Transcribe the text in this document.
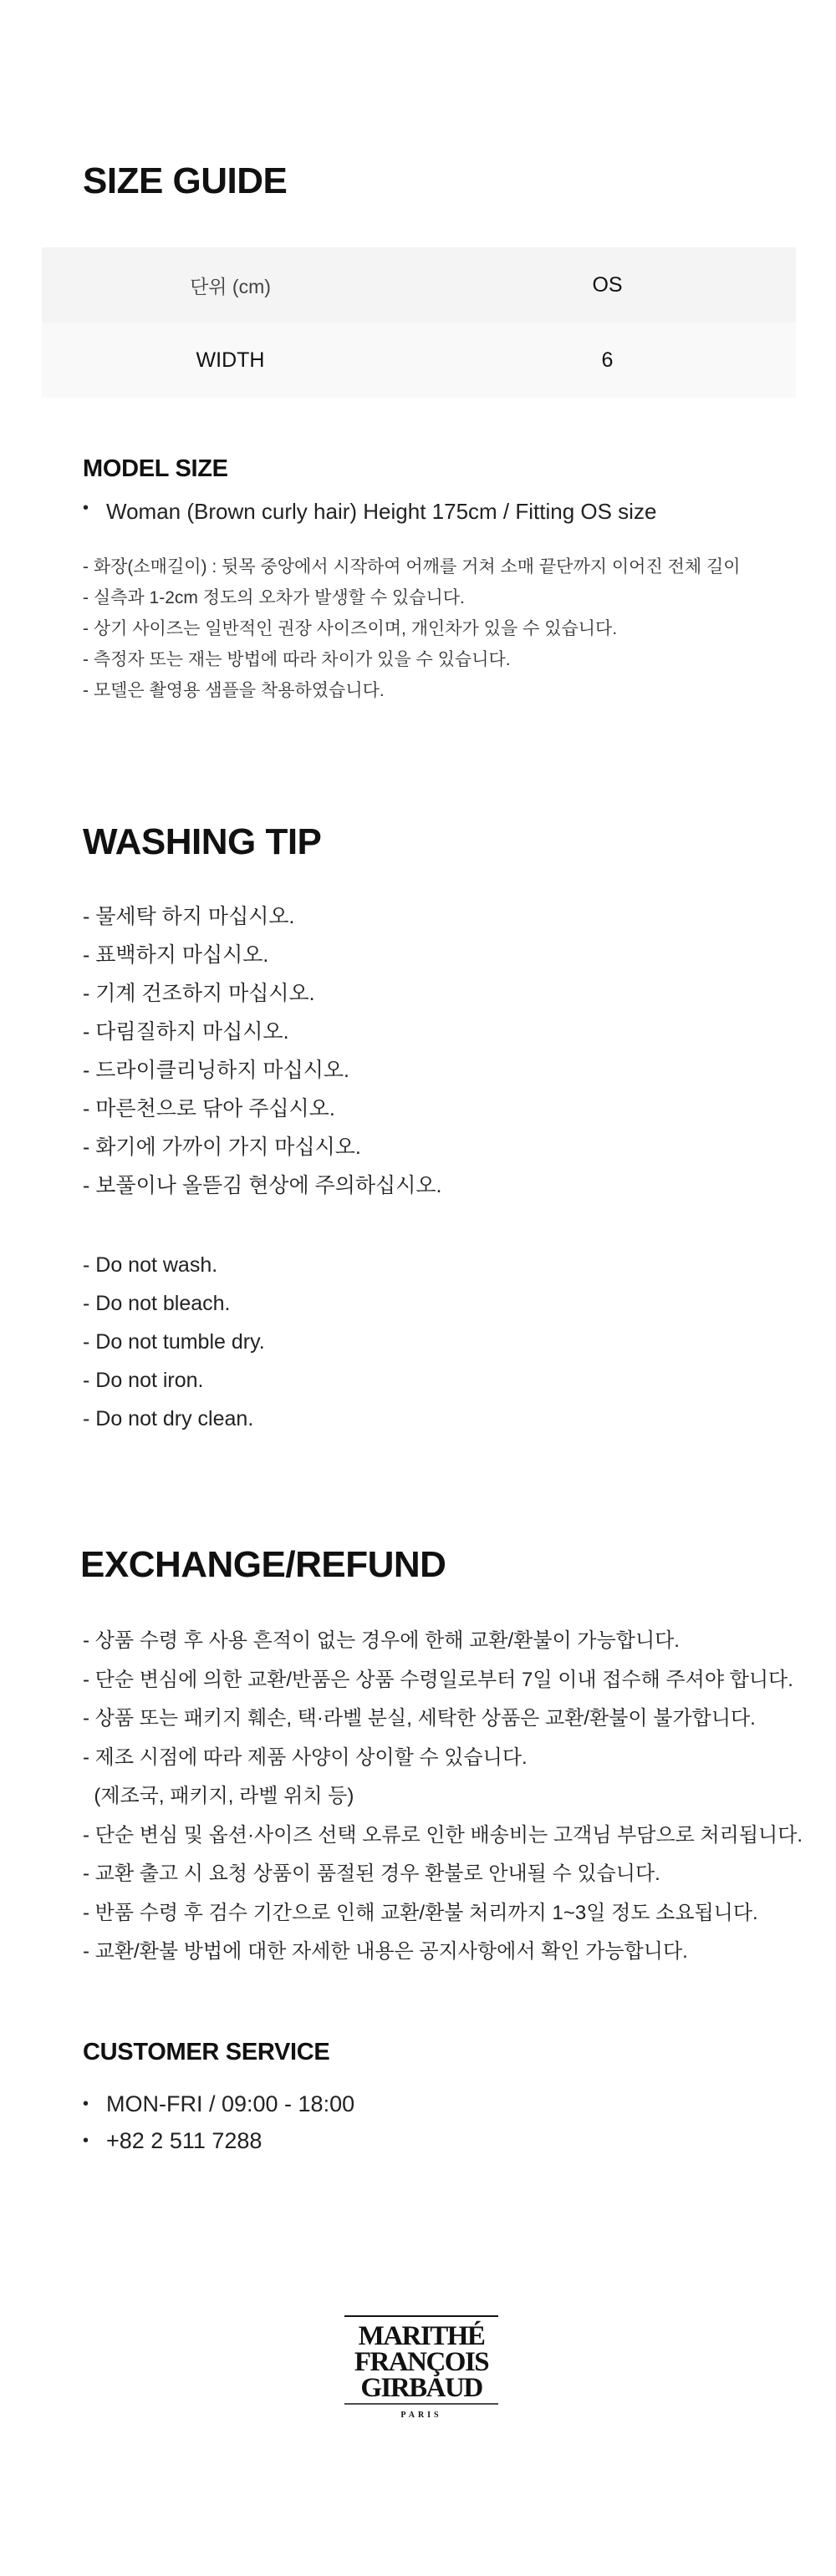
SIZE GUIDE
단위 (cm)	OS
WIDTH	6
MODEL SIZE
• Woman (Brown curly hair) Height 175cm / Fitting OS size
- 화장(소매길이) : 뒷목 중앙에서 시작하여 어깨를 거쳐 소매 끝단까지 이어진 전체 길이
- 실측과 1-2cm 정도의 오차가 발생할 수 있습니다.
- 상기 사이즈는 일반적인 권장 사이즈이며, 개인차가 있을 수 있습니다.
- 측정자 또는 재는 방법에 따라 차이가 있을 수 있습니다.
- 모델은 촬영용 샘플을 착용하였습니다.
WASHING TIP
- 물세탁 하지 마십시오.
- 표백하지 마십시오.
- 기계 건조하지 마십시오.
- 다림질하지 마십시오.
- 드라이클리닝하지 마십시오.
- 마른천으로 닦아 주십시오.
- 화기에 가까이 가지 마십시오.
- 보풀이나 올뜯김 현상에 주의하십시오.
- Do not wash.
- Do not bleach.
- Do not tumble dry.
- Do not iron.
- Do not dry clean.
EXCHANGE/REFUND
- 상품 수령 후 사용 흔적이 없는 경우에 한해 교환/환불이 가능합니다.
- 단순 변심에 의한 교환/반품은 상품 수령일로부터 7일 이내 접수해 주셔야 합니다.
- 상품 또는 패키지 훼손, 택·라벨 분실, 세탁한 상품은 교환/환불이 불가합니다.
- 제조 시점에 따라 제품 사양이 상이할 수 있습니다.
(제조국, 패키지, 라벨 위치 등)
- 단순 변심 및 옵션·사이즈 선택 오류로 인한 배송비는 고객님 부담으로 처리됩니다.
- 교환 출고 시 요청 상품이 품절된 경우 환불로 안내될 수 있습니다.
- 반품 수령 후 검수 기간으로 인해 교환/환불 처리까지 1~3일 정도 소요됩니다.
- 교환/환불 방법에 대한 자세한 내용은 공지사항에서 확인 가능합니다.
CUSTOMER SERVICE
• MON-FRI / 09:00 - 18:00
• +82 2 511 7288
MARITHÉ
FRANÇOIS
GIRBAUD
PARIS
